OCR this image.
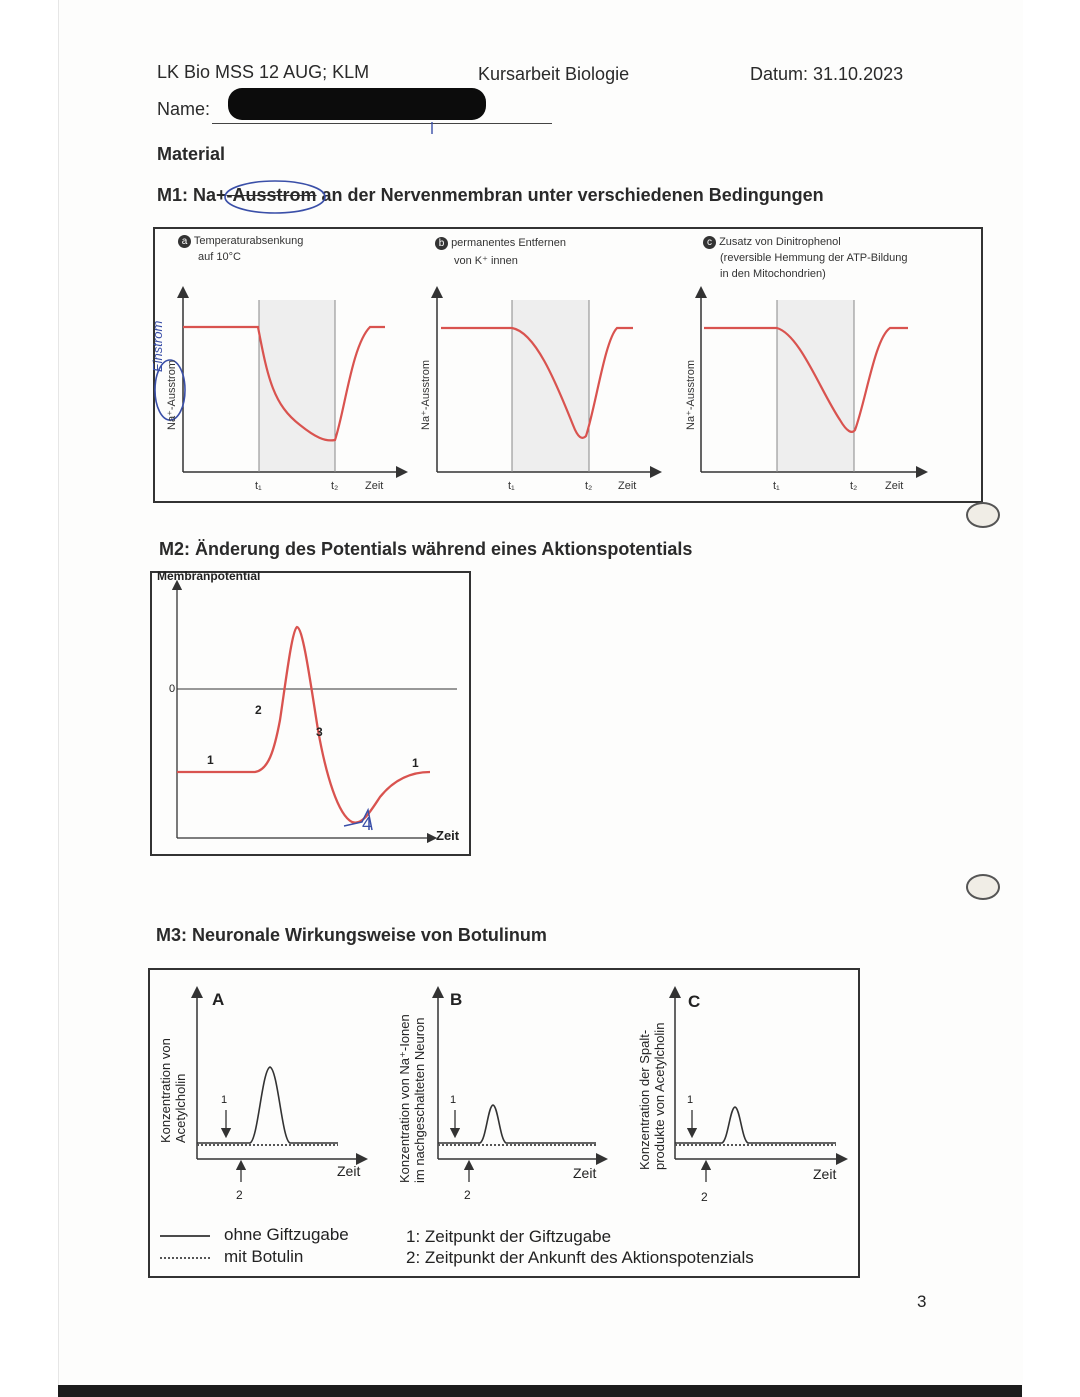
LK Bio MSS 12 AUG; KLM	Kursarbeit Biologie	Datum: 31.10.2023
Name:
Material
M1: Na+-Ausstrom an der Nervenmembran unter verschiedenen Bedingungen
a Temperaturabsenkung
auf 10°C
b permanentes Entfernen
von K⁺ innen
c Zusatz von Dinitrophenol
(reversible Hemmung der ATP-Bildung
in den Mitochondrien)
Na⁺-Ausstrom
Einstrom
Na⁺-Ausstrom	Na⁺-Ausstrom
t₁	t₂ Zeit	t₁	t₂ Zeit	t₁	t₂	Zeit
M2: Änderung des Potentials während eines Aktionspotentials
Membranpotential
0
1
2
3
1
4
Zeit
M3: Neuronale Wirkungsweise von Botulinum
A	B	C
Konzentration von Acetylcholin	Konzentration von Na⁺-Ionen im nachgeschalteten Neuron	Konzentration der Spalt- produkte von Acetylcholin
1
2
Zeit
1
2
Zeit
1
2
Zeit
ohne Giftzugabe
mit Botulin
1: Zeitpunkt der Giftzugabe
2: Zeitpunkt der Ankunft des Aktionspotenzials
3
